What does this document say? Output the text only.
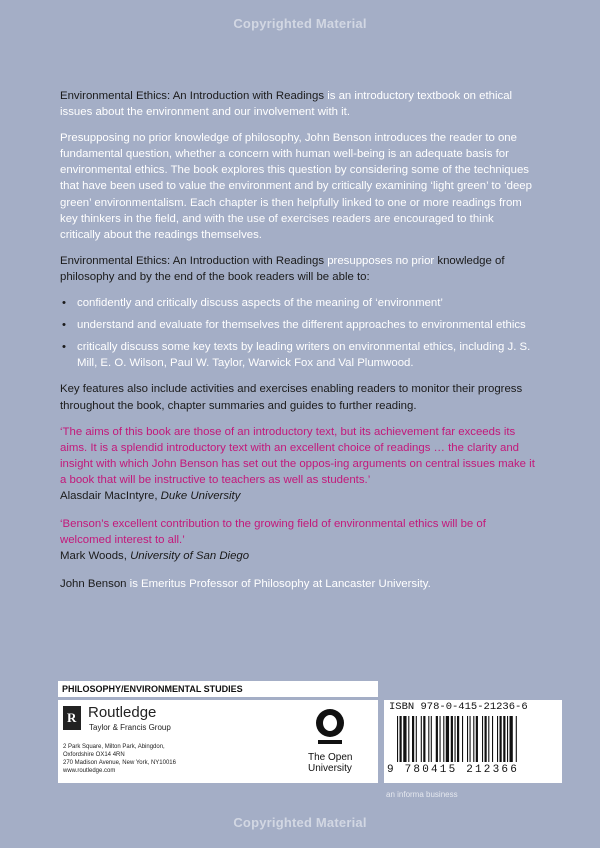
Copyrighted Material

Environmental Ethics: An Introduction with Readings is an introductory textbook on ethical issues about the environment and our involvement with it.

Presupposing no prior knowledge of philosophy, John Benson introduces the reader to one fundamental question, whether a concern with human well-being is an adequate basis for environmental ethics. The book explores this question by considering some of the techniques that have been used to value the environment and by critically examining ‘light green’ to ‘deep green’ environmentalism. Each chapter is then helpfully linked to one or more readings from key thinkers in the field, and with the use of exercises readers are encouraged to think critically about the readings themselves.

Environmental Ethics: An Introduction with Readings presupposes no prior knowledge of philosophy and by the end of the book readers will be able to:

• confidently and critically discuss aspects of the meaning of ‘environment’
• understand and evaluate for themselves the different approaches to environmental ethics
• critically discuss some key texts by leading writers on environmental ethics, including J. S. Mill, E. O. Wilson, Paul W. Taylor, Warwick Fox and Val Plumwood.

Key features also include activities and exercises enabling readers to monitor their progress throughout the book, chapter summaries and guides to further reading.

‘The aims of this book are those of an introductory text, but its achievement far exceeds its aims. It is a splendid introductory text with an excellent choice of readings … the clarity and insight with which John Benson has set out the oppos-ing arguments on central issues make it a book that will be instructive to teachers as well as students.’
Alasdair MacIntyre, Duke University
‘Benson’s excellent contribution to the growing field of environmental ethics will be of welcomed interest to all.’
Mark Woods, University of San Diego

John Benson is Emeritus Professor of Philosophy at Lancaster University.

PHILOSOPHY/ENVIRONMENTAL STUDIES
R
Routledge
Taylor & Francis Group
2 Park Square, Milton Park, Abingdon,
Oxfordshire OX14 4RN
270 Madison Avenue, New York, NY10016
www.routledge.com
The Open
University
ISBN 978-0-415-21236-6
9 780415 212366
an informa business
Copyrighted Material
